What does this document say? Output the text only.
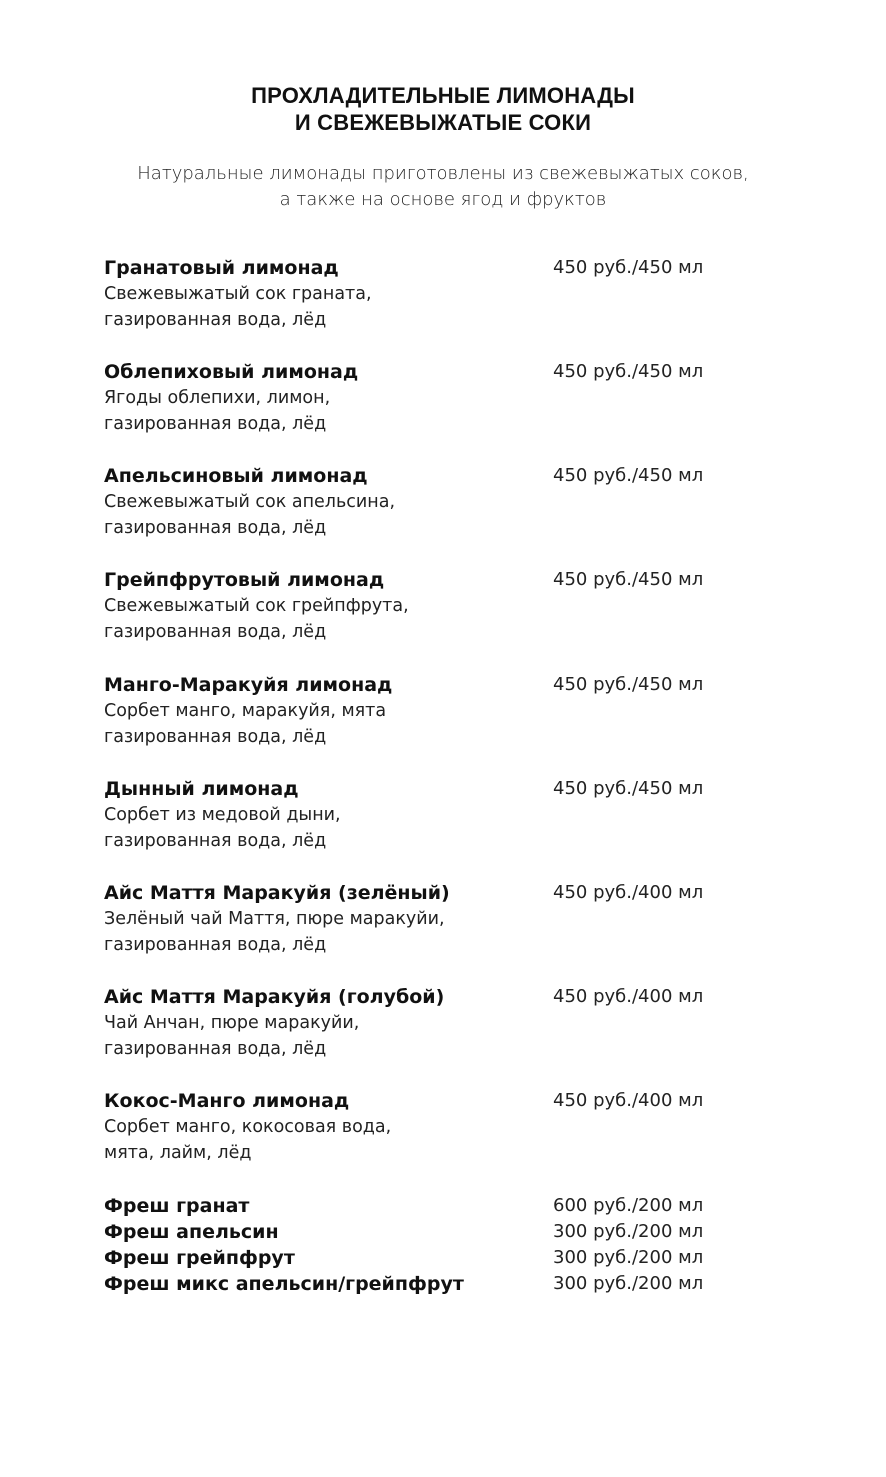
ПРОХЛАДИТЕЛЬНЫЕ ЛИМОНАДЫ
И СВЕЖЕВЫЖАТЫЕ СОКИ
Натуральные лимонады приготовлены из свежевыжатых соков,
а также на основе ягод и фруктов
Гранатовый лимонад
Свежевыжатый сок граната,
газированная вода, лёд
450 руб./450 мл
Облепиховый лимонад
Ягоды облепихи, лимон,
газированная вода, лёд
450 руб./450 мл
Апельсиновый лимонад
Свежевыжатый сок апельсина,
газированная вода, лёд
450 руб./450 мл
Грейпфрутовый лимонад
Свежевыжатый сок грейпфрута,
газированная вода, лёд
450 руб./450 мл
Манго-Маракуйя лимонад
Сорбет манго, маракуйя, мята
газированная вода, лёд
450 руб./450 мл
Дынный лимонад
Сорбет из медовой дыни,
газированная вода, лёд
450 руб./450 мл
Айс Маття Маракуйя (зелёный)
Зелёный чай Маття, пюре маракуйи,
газированная вода, лёд
450 руб./400 мл
Айс Маття Маракуйя (голубой)
Чай Анчан, пюре маракуйи,
газированная вода, лёд
450 руб./400 мл
Кокос-Манго лимонад
Сорбет манго, кокосовая вода,
мята, лайм, лёд
450 руб./400 мл
Фреш гранат	600 руб./200 мл
Фреш апельсин	300 руб./200 мл
Фреш грейпфрут	300 руб./200 мл
Фреш микс апельсин/грейпфрут	300 руб./200 мл
